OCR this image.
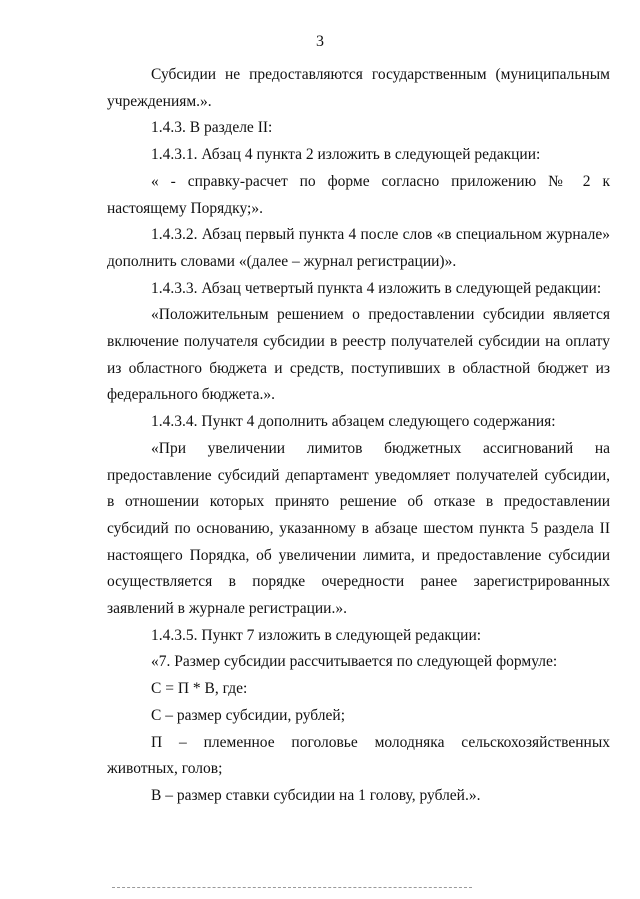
3

Субсидии не предоставляются государственным (муниципальным учреждениям.».

1.4.3. В разделе II:

1.4.3.1. Абзац 4 пункта 2 изложить в следующей редакции:

« - справку-расчет по форме согласно приложению № 2 к настоящему Порядку;».

1.4.3.2. Абзац первый пункта 4 после слов «в специальном журнале» дополнить словами «(далее – журнал регистрации)».

1.4.3.3. Абзац четвертый пункта 4 изложить в следующей редакции:

«Положительным решением о предоставлении субсидии является включение получателя субсидии в реестр получателей субсидии на оплату из областного бюджета и средств, поступивших в областной бюджет из федерального бюджета.».

1.4.3.4. Пункт 4 дополнить абзацем следующего содержания:

«При увеличении лимитов бюджетных ассигнований на предоставление субсидий департамент уведомляет получателей субсидии, в отношении которых принято решение об отказе в предоставлении субсидий по основанию, указанному в абзаце шестом пункта 5 раздела II настоящего Порядка, об увеличении лимита, и предоставление субсидии осуществляется в порядке очередности ранее зарегистрированных заявлений в журнале регистрации.».

1.4.3.5. Пункт 7 изложить в следующей редакции:

«7. Размер субсидии рассчитывается по следующей формуле:

С = П * В, где:

С – размер субсидии, рублей;

П – племенное поголовье молодняка сельскохозяйственных животных, голов;

В – размер ставки субсидии на 1 голову, рублей.».
